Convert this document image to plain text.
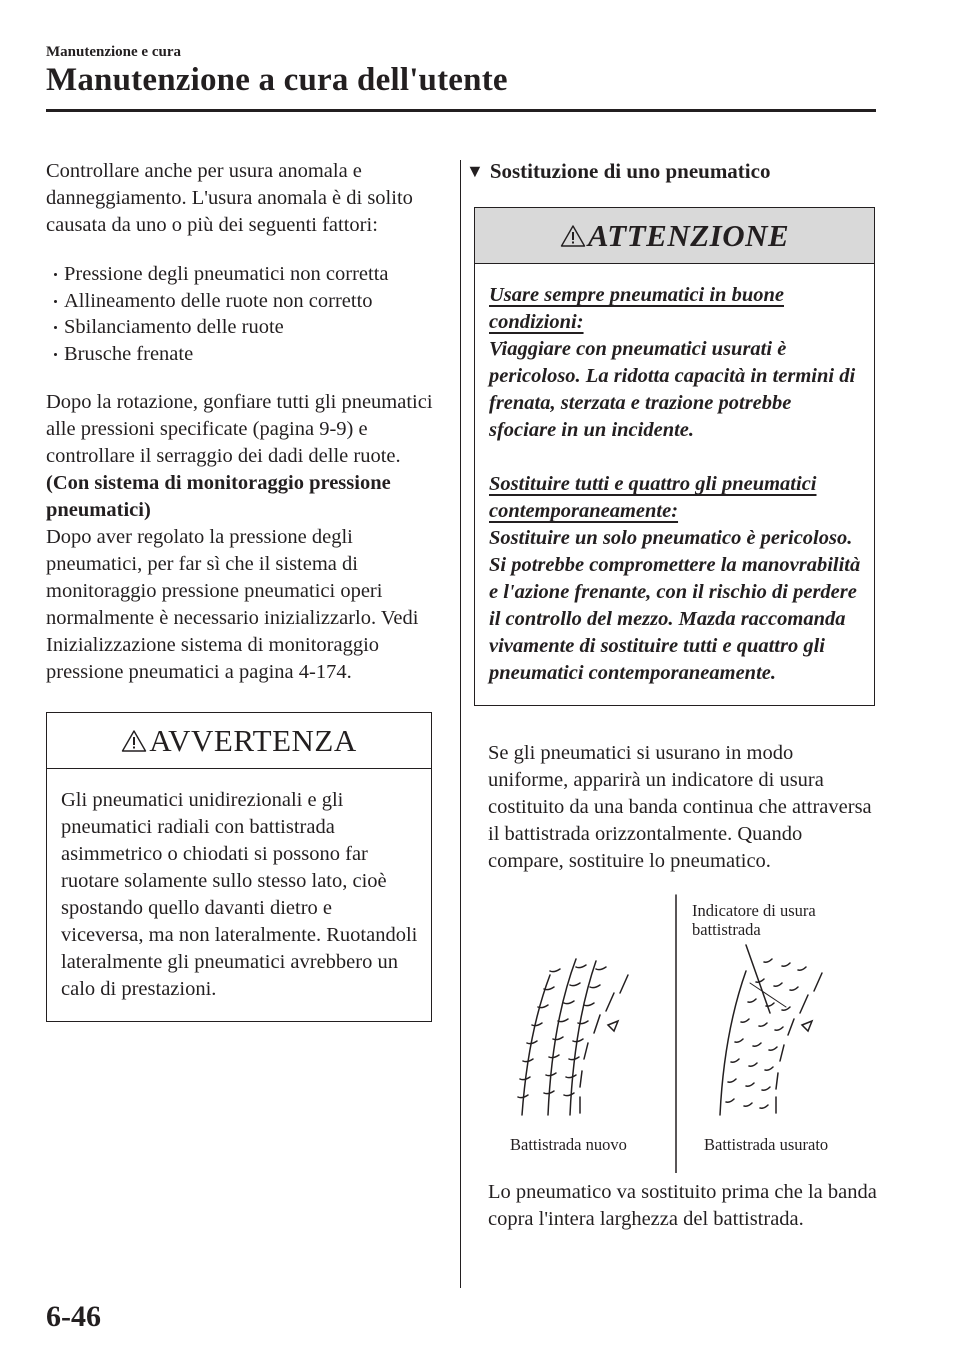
Manutenzione e cura
Manutenzione a cura dell'utente

Controllare anche per usura anomala e danneggiamento. L'usura anomala è di solito causata da uno o più dei seguenti fattori:

Pressione degli pneumatici non corretta
Allineamento delle ruote non corretto
Sbilanciamento delle ruote
Brusche frenate

Dopo la rotazione, gonfiare tutti gli pneumatici alle pressioni specificate (pagina 9-9) e controllare il serraggio dei dadi delle ruote.

(Con sistema di monitoraggio pressione pneumatici)

Dopo aver regolato la pressione degli pneumatici, per far sì che il sistema di monitoraggio pressione pneumatici operi normalmente è necessario inizializzarlo. Vedi Inizializzazione sistema di monitoraggio pressione pneumatici a pagina 4-174.

AVVERTENZA
Gli pneumatici unidirezionali e gli pneumatici radiali con battistrada asimmetrico o chiodati si possono far ruotare solamente sullo stesso lato, cioè spostando quello davanti dietro e viceversa, ma non lateralmente. Ruotandoli lateralmente gli pneumatici avrebbero un calo di prestazioni.
▼ Sostituzione di uno pneumatico
ATTENZIONE

Usare sempre pneumatici in buone condizioni:

Viaggiare con pneumatici usurati è pericoloso. La ridotta capacità in termini di frenata, sterzata e trazione potrebbe sfociare in un incidente.

Sostituire tutti e quattro gli pneumatici contemporaneamente:

Sostituire un solo pneumatico è pericoloso. Si potrebbe compromettere la manovrabilità e l'azione frenante, con il rischio di perdere il controllo del mezzo. Mazda raccomanda vivamente di sostituire tutti e quattro gli pneumatici contemporaneamente.

Se gli pneumatici si usurano in modo uniforme, apparirà un indicatore di usura costituito da una banda continua che attraversa il battistrada orizzontalmente. Quando compare, sostituire lo pneumatico.

Indicatore di usura battistrada
Battistrada nuovo	Battistrada usurato

Lo pneumatico va sostituito prima che la banda copra l'intera larghezza del battistrada.

6-46
